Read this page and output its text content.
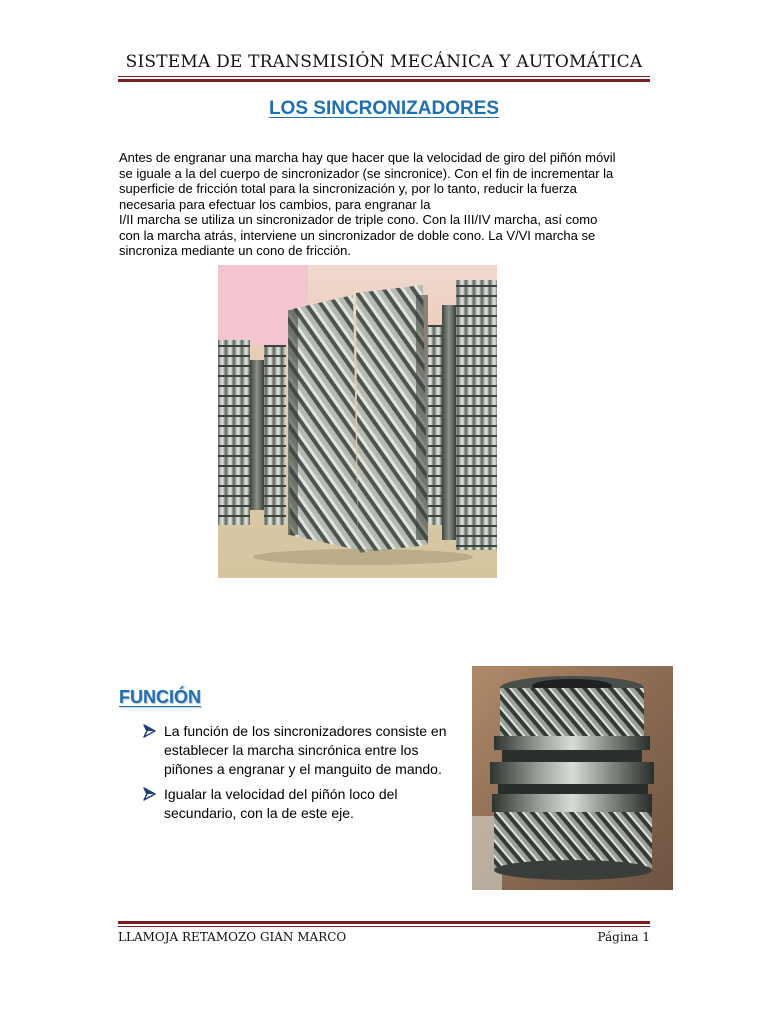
SISTEMA DE TRANSMISIÓN MECÁNICA Y AUTOMÁTICA
LOS SINCRONIZADORES

Antes de engranar una marcha hay que hacer que la velocidad de giro del piñón móvil

se iguale a la del cuerpo de sincronizador (se sincronice). Con el fin de incrementar la

superficie de fricción total para la sincronización y, por lo tanto, reducir la fuerza

necesaria para efectuar los cambios, para engranar la

I/II marcha se utiliza un sincronizador de triple cono. Con la III/IV marcha, así como

con la marcha atrás, interviene un sincronizador de doble cono. La V/VI marcha se

sincroniza mediante un cono de fricción.

FUNCIÓN
La función de los sincronizadores consiste en establecer la marcha sincrónica entre los piñones a engranar y el manguito de mando.
Igualar la velocidad del piñón loco del secundario, con la de este eje.
LLAMOJA RETAMOZO GIAN MARCO	Página 1
